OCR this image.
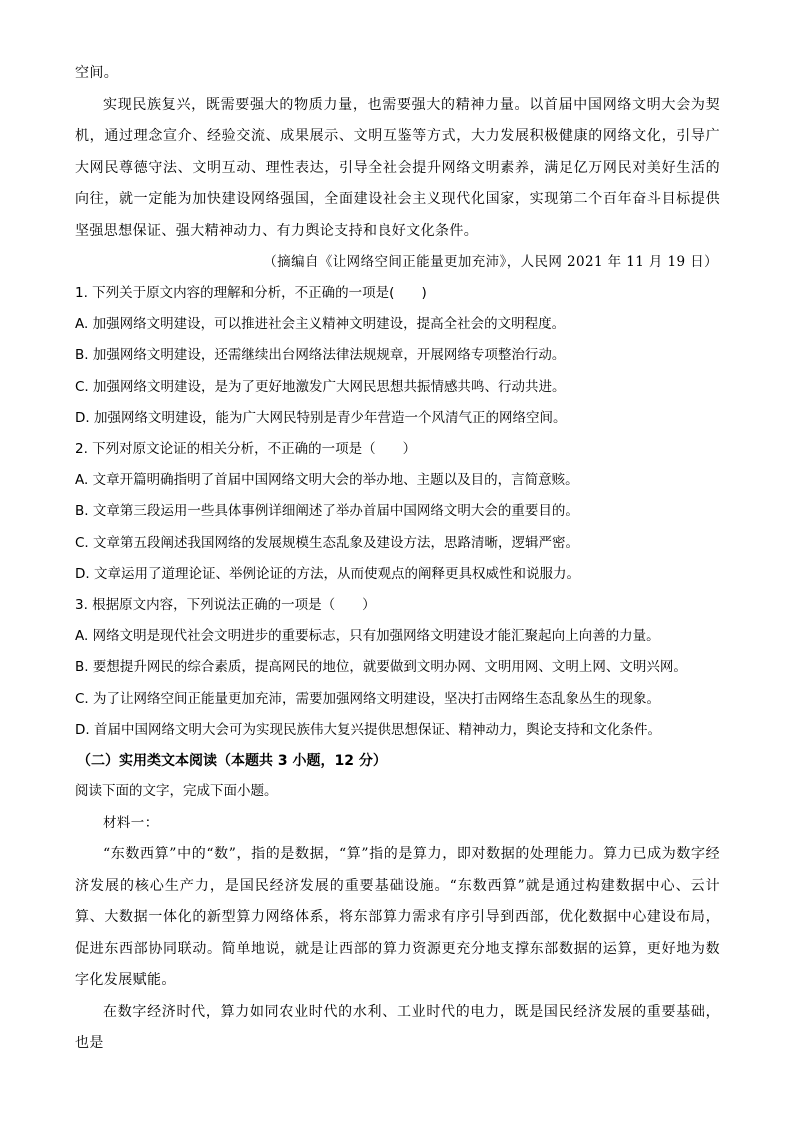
空间。

实现民族复兴，既需要强大的物质力量，也需要强大的精神力量。以首届中国网络文明大会为契机，通过理念宣介、经验交流、成果展示、文明互鉴等方式，大力发展积极健康的网络文化，引导广大网民尊德守法、文明互动、理性表达，引导全社会提升网络文明素养，满足亿万网民对美好生活的向往，就一定能为加快建设网络强国，全面建设社会主义现代化国家，实现第二个百年奋斗目标提供坚强思想保证、强大精神动力、有力舆论支持和良好文化条件。

（摘编自《让网络空间正能量更加充沛》，人民网 2021 年 11 月 19 日）

1. 下列关于原文内容的理解和分析，不正确的一项是(　　)

A. 加强网络文明建设，可以推进社会主义精神文明建设，提高全社会的文明程度。

B. 加强网络文明建设，还需继续出台网络法律法规规章，开展网络专项整治行动。

C. 加强网络文明建设，是为了更好地激发广大网民思想共振情感共鸣、行动共进。

D. 加强网络文明建设，能为广大网民特别是青少年营造一个风清气正的网络空间。

2. 下列对原文论证的相关分析，不正确的一项是（　　）

A. 文章开篇明确指明了首届中国网络文明大会的举办地、主题以及目的，言简意赅。

B. 文章第三段运用一些具体事例详细阐述了举办首届中国网络文明大会的重要目的。

C. 文章第五段阐述我国网络的发展规模生态乱象及建设方法，思路清晰，逻辑严密。

D. 文章运用了道理论证、举例论证的方法，从而使观点的阐释更具权威性和说服力。

3. 根据原文内容，下列说法正确的一项是（　　）

A. 网络文明是现代社会文明进步的重要标志，只有加强网络文明建设才能汇聚起向上向善的力量。

B. 要想提升网民的综合素质，提高网民的地位，就要做到文明办网、文明用网、文明上网、文明兴网。

C. 为了让网络空间正能量更加充沛，需要加强网络文明建设，坚决打击网络生态乱象丛生的现象。

D. 首届中国网络文明大会可为实现民族伟大复兴提供思想保证、精神动力，舆论支持和文化条件。

（二）实用类文本阅读（本题共 3 小题，12 分）

阅读下面的文字，完成下面小题。

材料一：

“东数西算”中的“数”，指的是数据，“算”指的是算力，即对数据的处理能力。算力已成为数字经济发展的核心生产力，是国民经济发展的重要基础设施。“东数西算”就是通过构建数据中心、云计算、大数据一体化的新型算力网络体系，将东部算力需求有序引导到西部，优化数据中心建设布局，促进东西部协同联动。简单地说，就是让西部的算力资源更充分地支撑东部数据的运算，更好地为数字化发展赋能。

在数字经济时代，算力如同农业时代的水利、工业时代的电力，既是国民经济发展的重要基础，也是
